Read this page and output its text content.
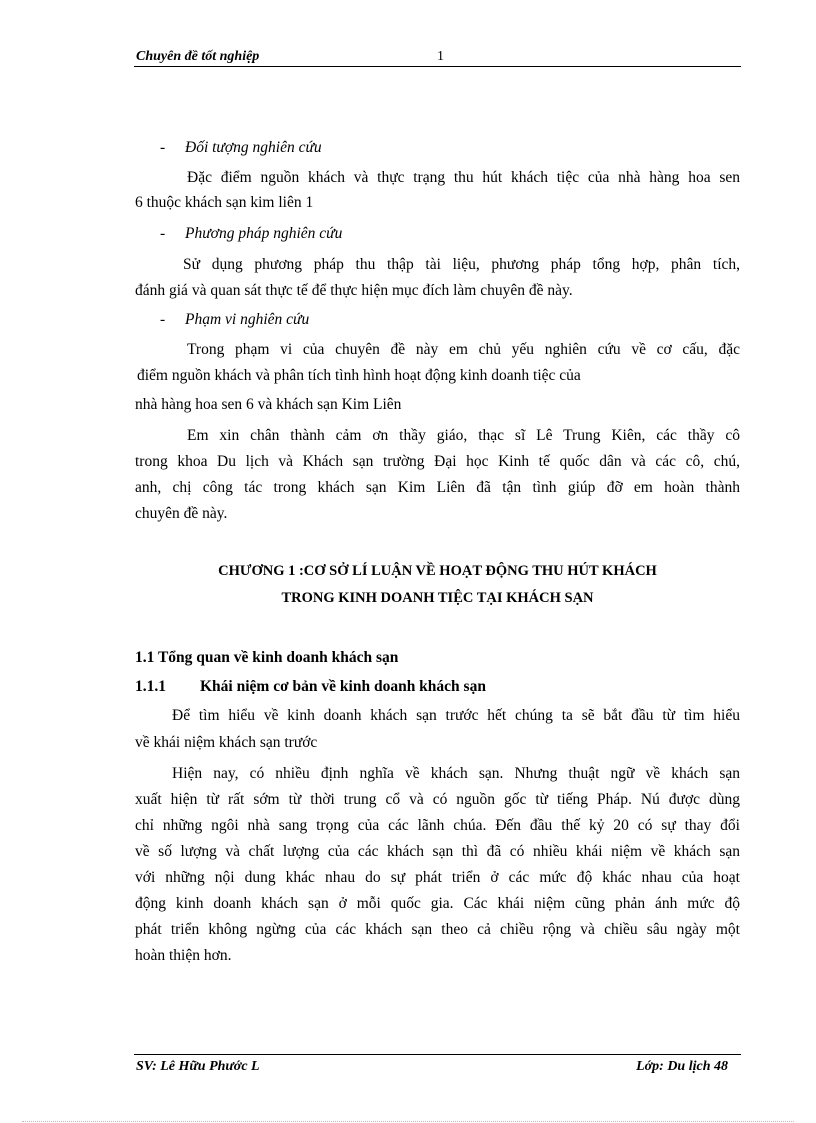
Chuyên đề tốt nghiệp	1
- Đối tượng nghiên cứu
Đặc điểm nguồn khách và thực trạng thu hút khách tiệc của nhà hàng hoa sen
6 thuộc khách sạn kim liên 1
- Phương pháp nghiên cứu
Sử dụng phương pháp thu thập tài liệu, phương pháp tổng hợp, phân tích,
đánh giá và quan sát thực tế để thực hiện mục đích làm chuyên đề này.
- Phạm vi nghiên cứu
Trong phạm vi của chuyên đề này em chủ yếu nghiên cứu về cơ cấu, đặc
điểm nguồn khách và phân tích tình hình hoạt động kinh doanh tiệc của
nhà hàng hoa sen 6 và khách sạn Kim Liên
Em xin chân thành cảm ơn thầy giáo, thạc sĩ Lê Trung Kiên, các thầy cô
trong khoa Du lịch và Khách sạn trường Đại học Kinh tế quốc dân và các cô, chú,
anh, chị công tác trong khách sạn Kim Liên đã tận tình giúp đỡ em hoàn thành
chuyên đề này.
CHƯƠNG 1 :CƠ SỞ LÍ LUẬN VỀ HOẠT ĐỘNG THU HÚT KHÁCH
TRONG KINH DOANH TIỆC TẠI KHÁCH SẠN
1.1 Tổng quan về kinh doanh khách sạn
1.1.1 Khái niệm cơ bản về kinh doanh khách sạn
Để tìm hiểu về kinh doanh khách sạn trước hết chúng ta sẽ bắt đầu từ tìm hiểu
về khái niệm khách sạn trước
Hiện nay, có nhiều định nghĩa về khách sạn. Nhưng thuật ngữ về khách sạn
xuất hiện từ rất sớm từ thời trung cổ và có nguồn gốc từ tiếng Pháp. Nú được dùng
chỉ những ngôi nhà sang trọng của các lãnh chúa. Đến đầu thế kỷ 20 có sự thay đổi
về số lượng và chất lượng của các khách sạn thì đã có nhiều khái niệm về khách sạn
với những nội dung khác nhau do sự phát triển ở các mức độ khác nhau của hoạt
động kinh doanh khách sạn ở mỗi quốc gia. Các khái niệm cũng phản ánh mức độ
phát triển không ngừng của các khách sạn theo cả chiều rộng và chiều sâu ngày một
hoàn thiện hơn.
SV: Lê Hữu Phước L	Lớp: Du lịch 48
